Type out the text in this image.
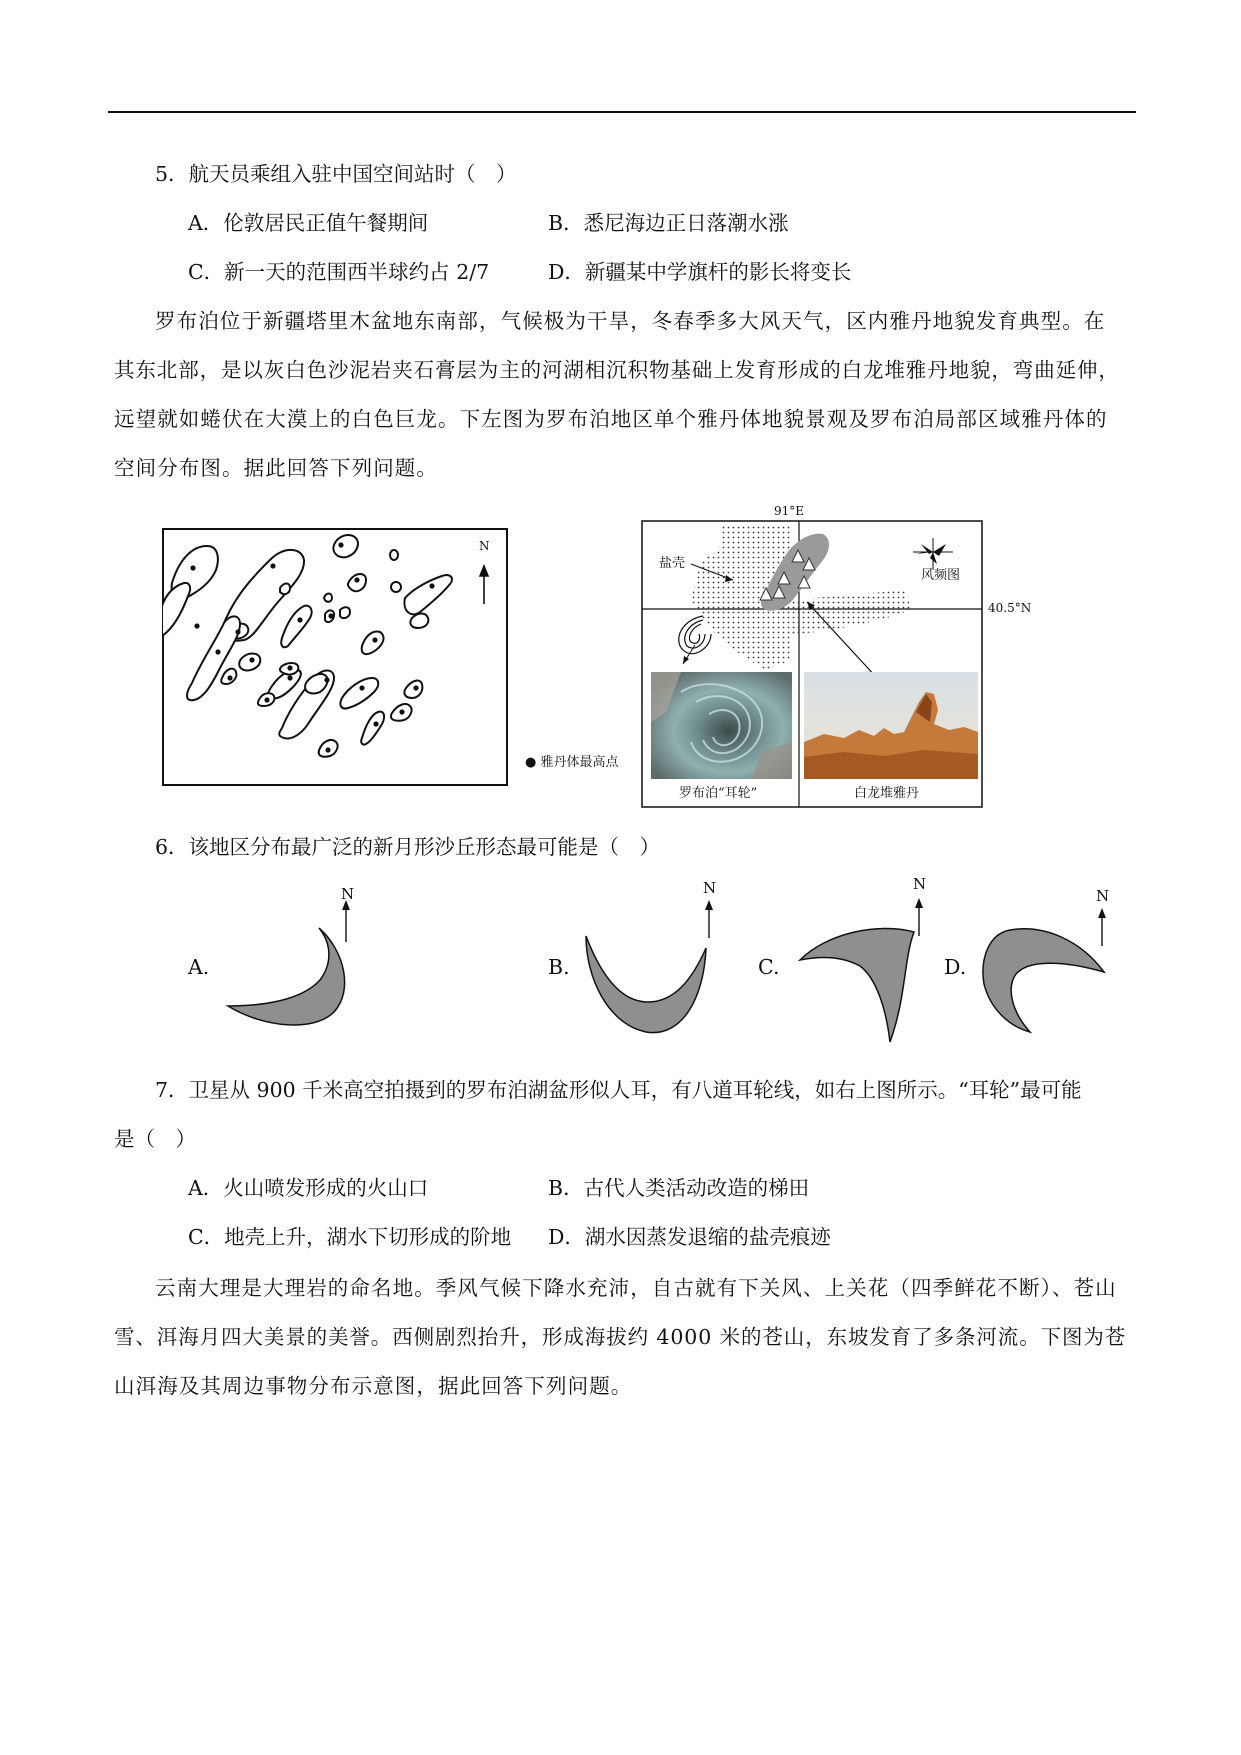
5．航天员乘组入驻中国空间站时（　）
A．伦敦居民正值午餐期间	B．悉尼海边正日落潮水涨
C．新一天的范围西半球约占 2/7	D．新疆某中学旗杆的影长将变长
罗布泊位于新疆塔里木盆地东南部，气候极为干旱，冬春季多大风天气，区内雅丹地貌发育典型。在
其东北部，是以灰白色沙泥岩夹石膏层为主的河湖相沉积物基础上发育形成的白龙堆雅丹地貌，弯曲延伸，
远望就如蜷伏在大漠上的白色巨龙。下左图为罗布泊地区单个雅丹体地貌景观及罗布泊局部区域雅丹体的
空间分布图。据此回答下列问题。
N
● 雅丹体最高点
91°E
40.5°N
盐壳
风频图
罗布泊“耳轮”	白龙堆雅丹
6．该地区分布最广泛的新月形沙丘形态最可能是（　）
A.
N
B.
N
C.
N
D.
N
7．卫星从 900 千米高空拍摄到的罗布泊湖盆形似人耳，有八道耳轮线，如右上图所示。“耳轮”最可能
是（　）
A．火山喷发形成的火山口	B．古代人类活动改造的梯田
C．地壳上升，湖水下切形成的阶地 D．湖水因蒸发退缩的盐壳痕迹
云南大理是大理岩的命名地。季风气候下降水充沛，自古就有下关风、上关花（四季鲜花不断）、苍山
雪、洱海月四大美景的美誉。西侧剧烈抬升，形成海拔约 4000 米的苍山，东坡发育了多条河流。下图为苍
山洱海及其周边事物分布示意图，据此回答下列问题。
